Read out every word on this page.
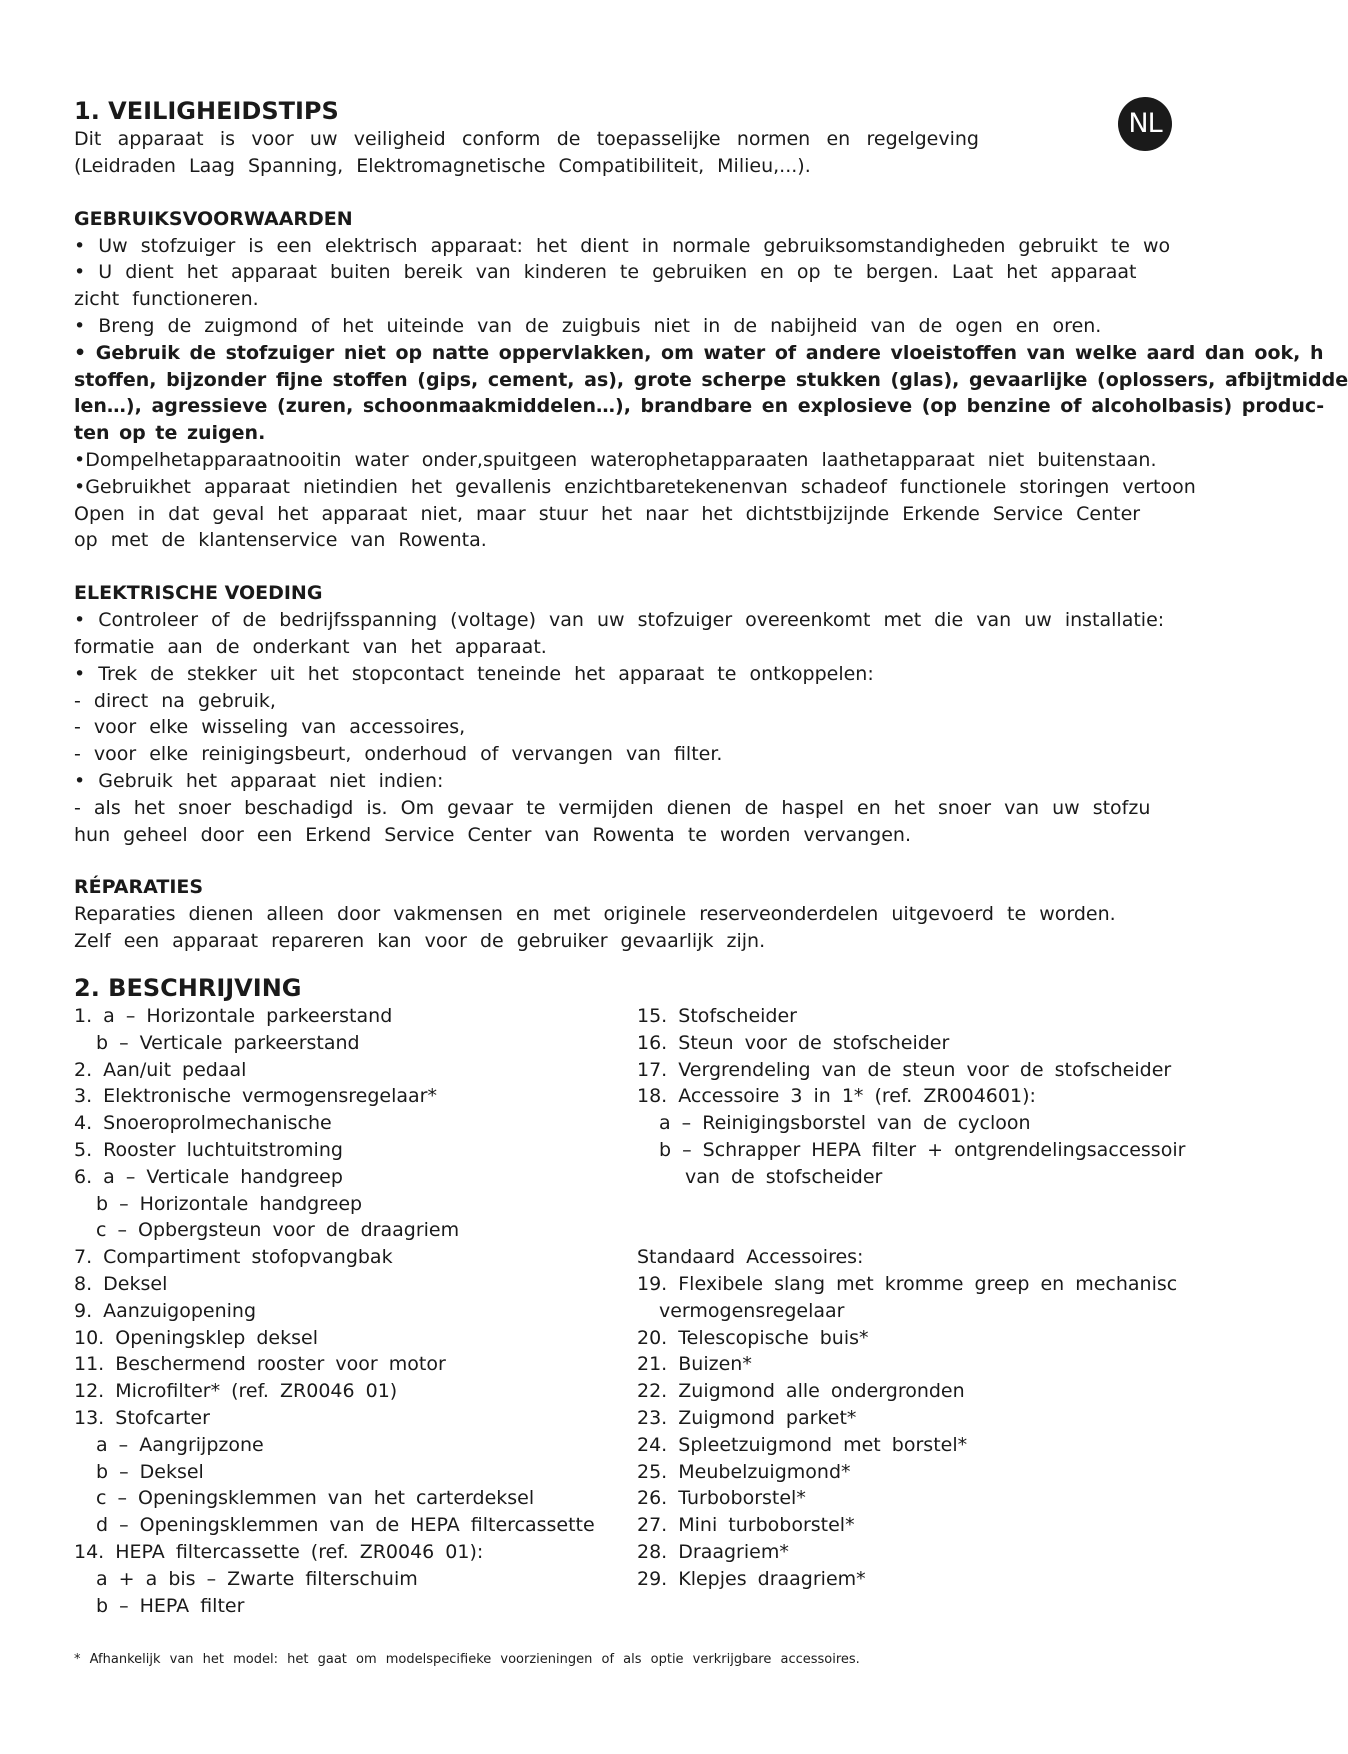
NL
1. VEILIGHEIDSTIPS
Dit apparaat is voor uw veiligheid conform de toepasselijke normen en regelgeving
(Leidraden Laag Spanning, Elektromagnetische Compatibiliteit, Milieu,...).
GEBRUIKSVOORWAARDEN
• Uw stofzuiger is een elektrisch apparaat: het dient in normale gebruiksomstandigheden gebruikt te wo
• U dient het apparaat buiten bereik van kinderen te gebruiken en op te bergen. Laat het apparaat
zicht functioneren.
• Breng de zuigmond of het uiteinde van de zuigbuis niet in de nabijheid van de ogen en oren.
• Gebruik de stofzuiger niet op natte oppervlakken, om water of andere vloeistoffen van welke aard dan ook, h
stoffen, bijzonder fijne stoffen (gips, cement, as), grote scherpe stukken (glas), gevaarlijke (oplossers, afbijtmidde
len…), agressieve (zuren, schoonmaakmiddelen…), brandbare en explosieve (op benzine of alcoholbasis) produc-
ten op te zuigen.
•Dompelhetapparaatnooitin water onder,spuitgeen waterophetapparaaten laathetapparaat niet buitenstaan.
•Gebruikhet apparaat nietindien het gevallenis enzichtbaretekenenvan schadeof functionele storingen vertoon
Open in dat geval het apparaat niet, maar stuur het naar het dichtstbijzijnde Erkende Service Center
op met de klantenservice van Rowenta.
ELEKTRISCHE VOEDING
• Controleer of de bedrijfsspanning (voltage) van uw stofzuiger overeenkomt met die van uw installatie:
formatie aan de onderkant van het apparaat.
• Trek de stekker uit het stopcontact teneinde het apparaat te ontkoppelen:
- direct na gebruik,
- voor elke wisseling van accessoires,
- voor elke reinigingsbeurt, onderhoud of vervangen van filter.
• Gebruik het apparaat niet indien:
- als het snoer beschadigd is. Om gevaar te vermijden dienen de haspel en het snoer van uw stofzu
hun geheel door een Erkend Service Center van Rowenta te worden vervangen.
RÉPARATIES
Reparaties dienen alleen door vakmensen en met originele reserveonderdelen uitgevoerd te worden.
Zelf een apparaat repareren kan voor de gebruiker gevaarlijk zijn.
2. BESCHRIJVING
1. a – Horizontale parkeerstand
b – Verticale parkeerstand
2. Aan/uit pedaal
3. Elektronische vermogensregelaar*
4. Snoeroprolmechanische
5. Rooster luchtuitstroming
6. a – Verticale handgreep
b – Horizontale handgreep
c – Opbergsteun voor de draagriem
7. Compartiment stofopvangbak
8. Deksel
9. Aanzuigopening
10. Openingsklep deksel
11. Beschermend rooster voor motor
12. Microfilter* (ref. ZR0046 01)
13. Stofcarter
a – Aangrijpzone
b – Deksel
c – Openingsklemmen van het carterdeksel
d – Openingsklemmen van de HEPA filtercassette
14. HEPA filtercassette (ref. ZR0046 01):
a + a bis – Zwarte filterschuim
b – HEPA filter
15. Stofscheider
16. Steun voor de stofscheider
17. Vergrendeling van de steun voor de stofscheider
18. Accessoire 3 in 1* (ref. ZR004601):
a – Reinigingsborstel van de cycloon
b – Schrapper HEPA filter + ontgrendelingsaccessoir
van de stofscheider
Standaard Accessoires:
19. Flexibele slang met kromme greep en mechanisc
vermogensregelaar
20. Telescopische buis*
21. Buizen*
22. Zuigmond alle ondergronden
23. Zuigmond parket*
24. Spleetzuigmond met borstel*
25. Meubelzuigmond*
26. Turboborstel*
27. Mini turboborstel*
28. Draagriem*
29. Klepjes draagriem*
* Afhankelijk van het model: het gaat om modelspecifieke voorzieningen of als optie verkrijgbare accessoires.
